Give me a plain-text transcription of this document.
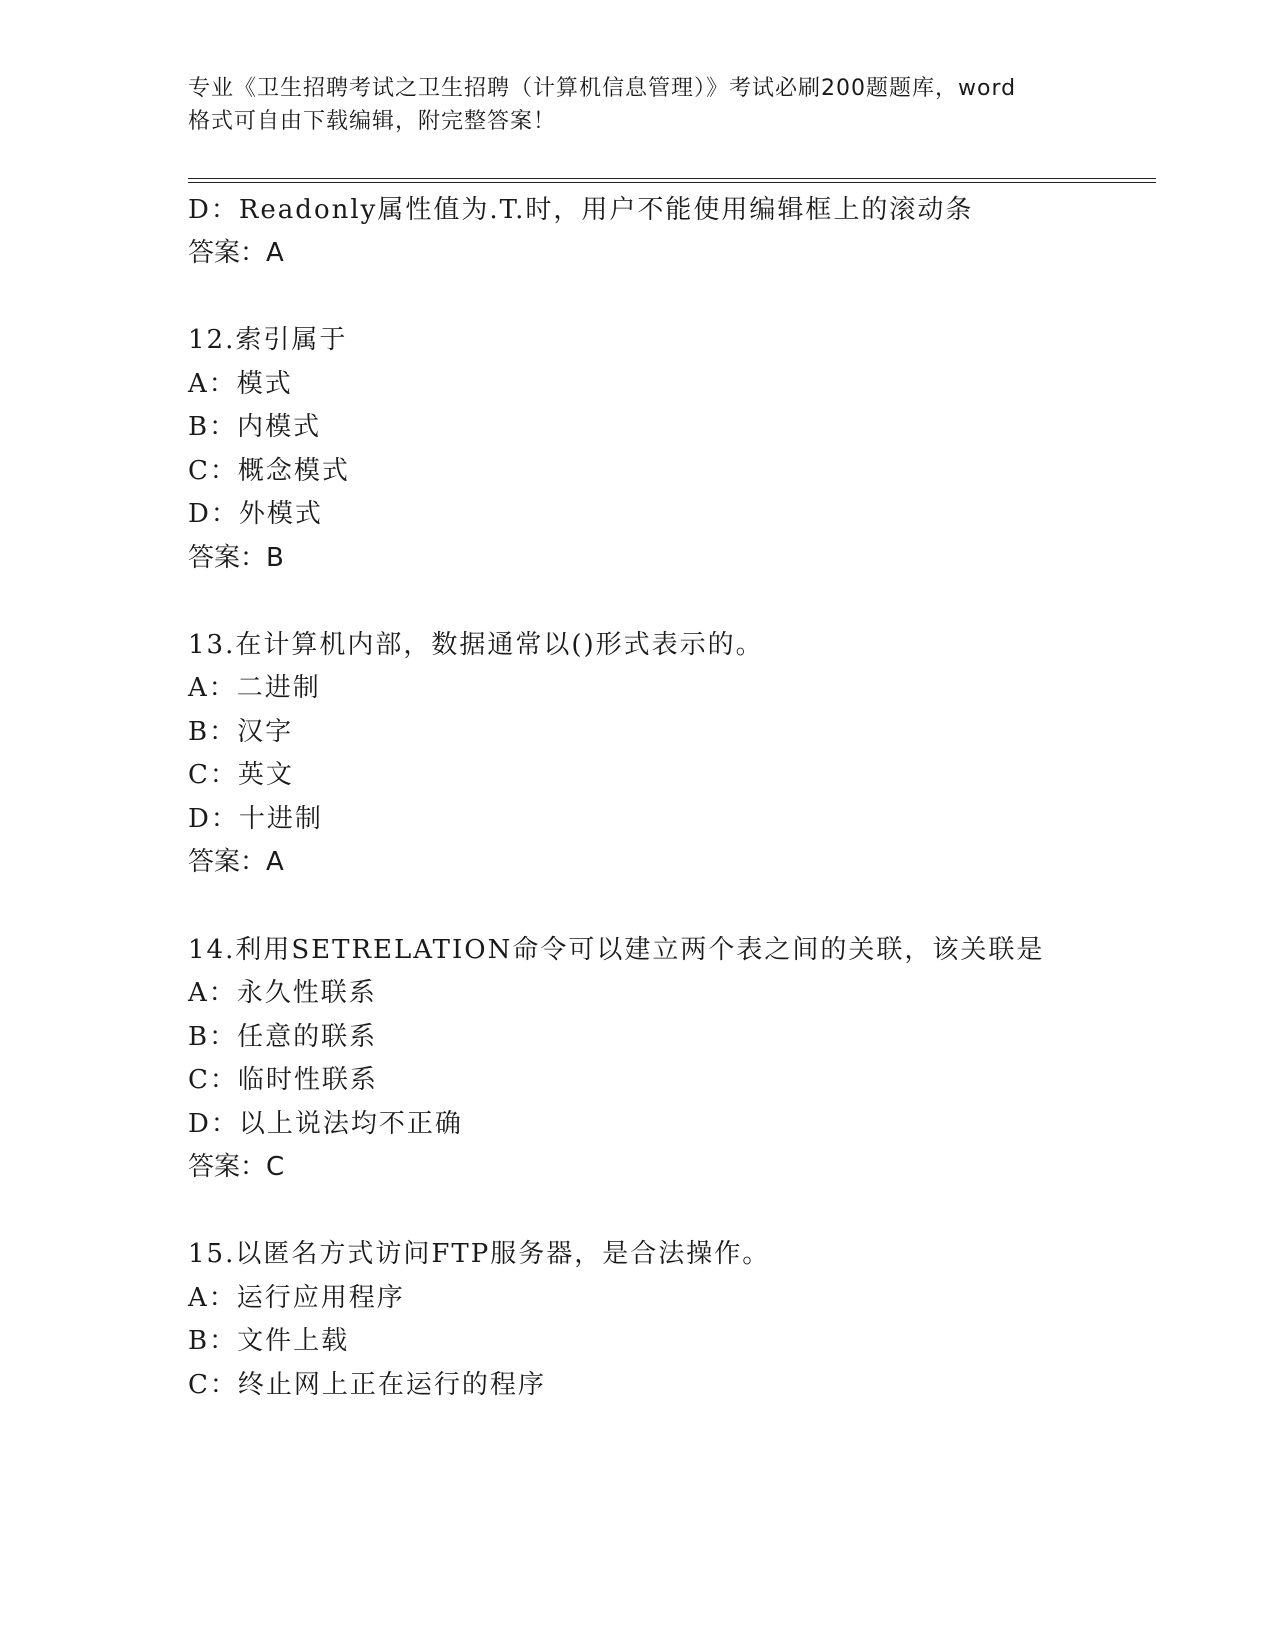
专业《卫生招聘考试之卫生招聘（计算机信息管理）》考试必刷200题题库，word
格式可自由下载编辑，附完整答案！
D：Readonly属性值为.T.时，用户不能使用编辑框上的滚动条
答案：A
12.索引属于
A：模式
B：内模式
C：概念模式
D：外模式
答案：B
13.在计算机内部，数据通常以()形式表示的。
A：二进制
B：汉字
C：英文
D：十进制
答案：A
14.利用SETRELATION命令可以建立两个表之间的关联，该关联是
A：永久性联系
B：任意的联系
C：临时性联系
D：以上说法均不正确
答案：C
15.以匿名方式访问FTP服务器，是合法操作。
A：运行应用程序
B：文件上载
C：终止网上正在运行的程序
